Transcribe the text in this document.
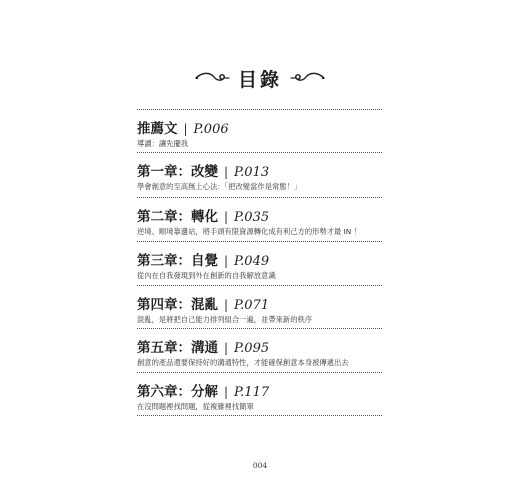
目錄
推薦文 | P.006
導讀：讓先擺我
第一章：改變 | P.013
學會創意的至高無上心法：「把改變當作是常態！」
第二章：轉化 | P.035
逆境、順境靠邊站，將手頭有限資源轉化成有利己方的形勢才最 IN ！
第三章：自覺 | P.049
從內在自我發現到外在創新的自我解放意識
第四章：混亂 | P.071
混亂，是將把自己能力排列組合一遍，並帶來新的秩序
第五章：溝通 | P.095
創意的產品還要保持好的溝通特性，才能確保創意本身被傳遞出去
第六章：分解 | P.117
在沒問題裡找問題，從複雜裡找簡單
004
